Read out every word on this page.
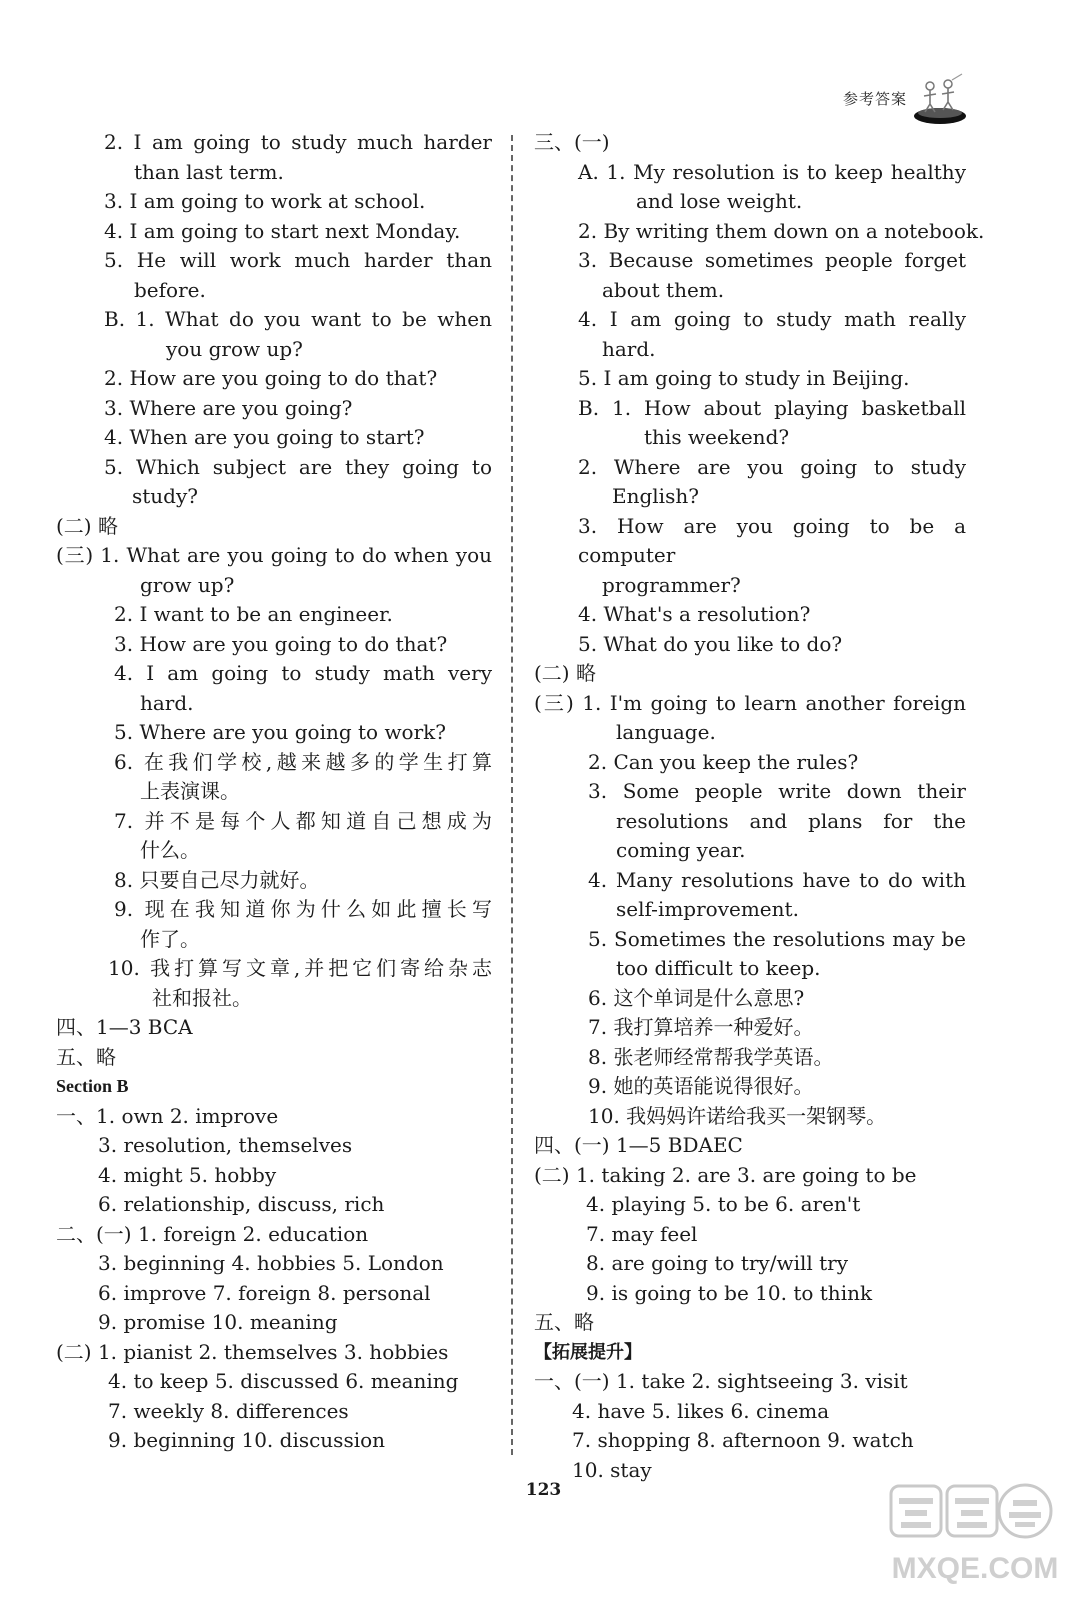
参考答案
2. I am going to study much harder
than last term.
3. I am going to work at school.
4. I am going to start next Monday.
5. He will work much harder than
before.
B. 1. What do you want to be when
you grow up?
2. How are you going to do that?
3. Where are you going?
4. When are you going to start?
5. Which subject are they going to
study?
(二) 略
(三) 1. What are you going to do when you
grow up?
2. I want to be an engineer.
3. How are you going to do that?
4. I am going to study math very
hard.
5. Where are you going to work?
6. 在我们学校,越来越多的学生打算
上表演课。
7. 并不是每个人都知道自己想成为
什么。
8. 只要自己尽力就好。
9. 现在我知道你为什么如此擅长写
作了。
10. 我打算写文章,并把它们寄给杂志
社和报社。
四、1—3 BCA
五、略
Section B
一、1. own 2. improve
3. resolution, themselves
4. might 5. hobby
6. relationship, discuss, rich
二、(一) 1. foreign 2. education
3. beginning 4. hobbies 5. London
6. improve 7. foreign 8. personal
9. promise 10. meaning
(二) 1. pianist 2. themselves 3. hobbies
4. to keep 5. discussed 6. meaning
7. weekly 8. differences
9. beginning 10. discussion
三、(一)
A. 1. My resolution is to keep healthy
and lose weight.
2. By writing them down on a notebook.
3. Because sometimes people forget
about them.
4. I am going to study math really
hard.
5. I am going to study in Beijing.
B. 1. How about playing basketball
this weekend?
2. Where are you going to study
English?
3. How are you going to be a computer
programmer?
4. What's a resolution?
5. What do you like to do?
(二) 略
(三) 1. I'm going to learn another foreign
language.
2. Can you keep the rules?
3. Some people write down their
resolutions and plans for the
coming year.
4. Many resolutions have to do with
self-improvement.
5. Sometimes the resolutions may be
too difficult to keep.
6. 这个单词是什么意思?
7. 我打算培养一种爱好。
8. 张老师经常帮我学英语。
9. 她的英语能说得很好。
10. 我妈妈许诺给我买一架钢琴。
四、(一) 1—5 BDAEC
(二) 1. taking 2. are 3. are going to be
4. playing 5. to be 6. aren't
7. may feel
8. are going to try/will try
9. is going to be 10. to think
五、略
【拓展提升】
一、(一) 1. take 2. sightseeing 3. visit
4. have 5. likes 6. cinema
7. shopping 8. afternoon 9. watch
10. stay
123
MXQE.COM
